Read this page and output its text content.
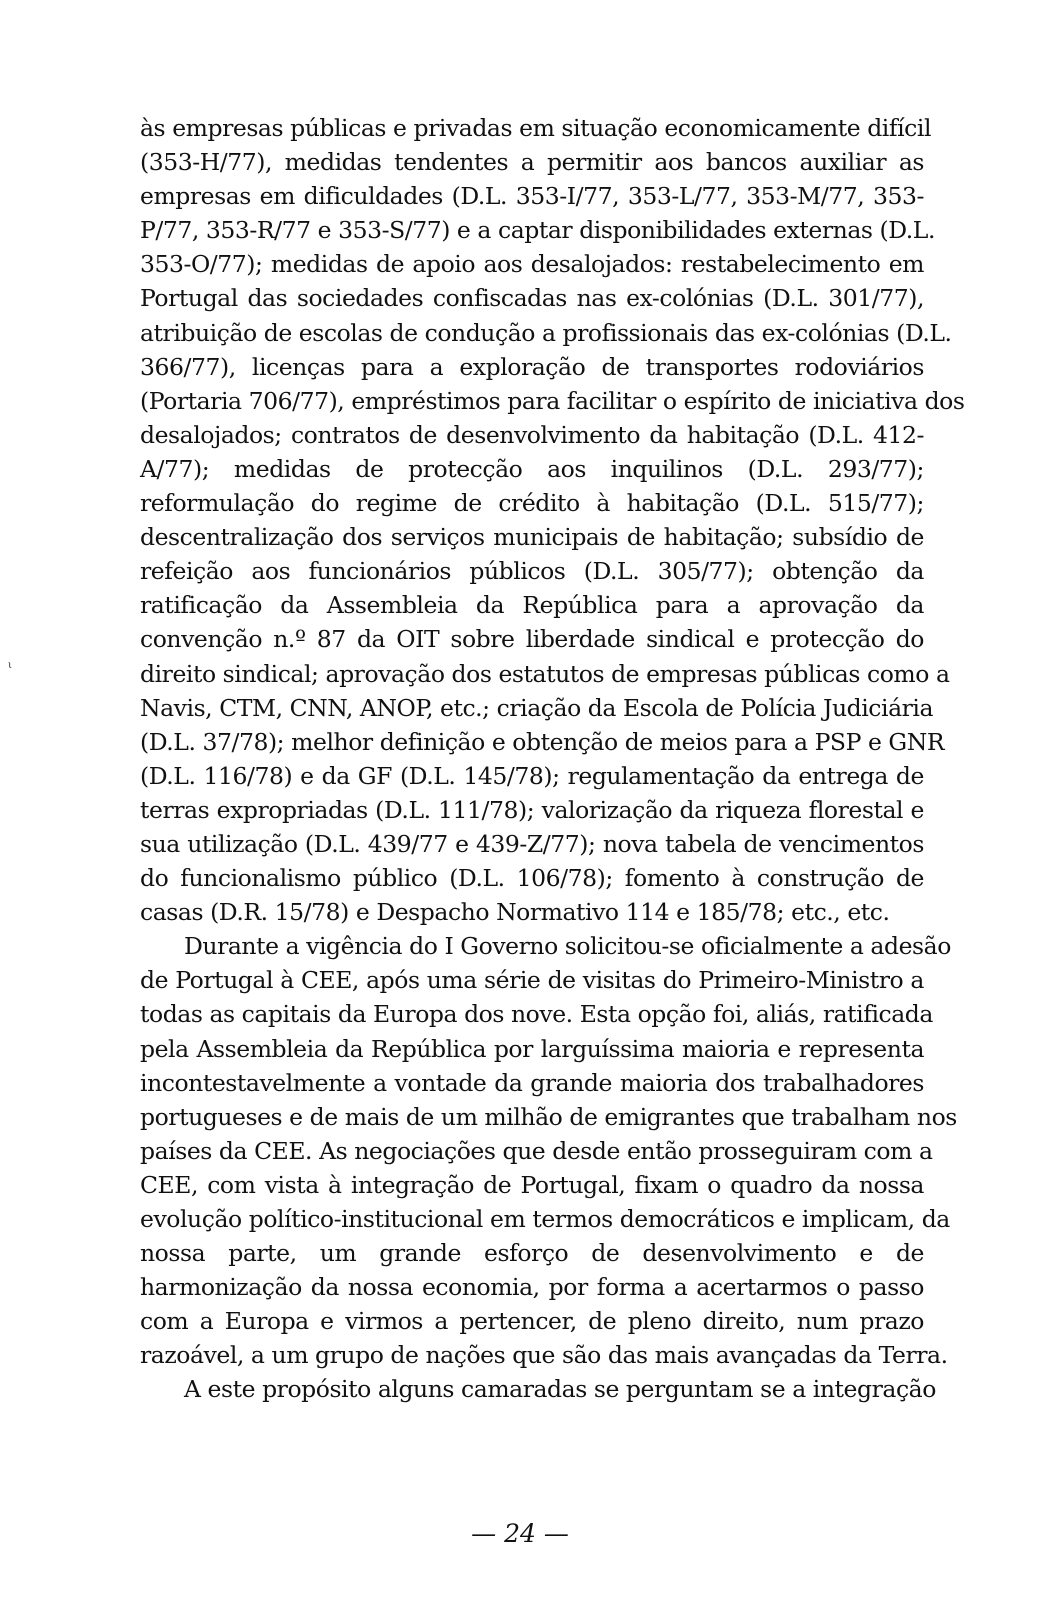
às empresas públicas e privadas em situação economicamente difícil
(353-H/77), medidas tendentes a permitir aos bancos auxiliar as
empresas em dificuldades (D.L. 353-I/77, 353-L/77, 353-M/77, 353-
P/77, 353-R/77 e 353-S/77) e a captar disponibilidades externas (D.L.
353-O/77); medidas de apoio aos desalojados: restabelecimento em
Portugal das sociedades confiscadas nas ex-colónias (D.L. 301/77),
atribuição de escolas de condução a profissionais das ex-colónias (D.L.
366/77), licenças para a exploração de transportes rodoviários
(Portaria 706/77), empréstimos para facilitar o espírito de iniciativa dos
desalojados; contratos de desenvolvimento da habitação (D.L. 412-
A/77); medidas de protecção aos inquilinos (D.L. 293/77);
reformulação do regime de crédito à habitação (D.L. 515/77);
descentralização dos serviços municipais de habitação; subsídio de
refeição aos funcionários públicos (D.L. 305/77); obtenção da
ratificação da Assembleia da República para a aprovação da
convenção n.º 87 da OIT sobre liberdade sindical e protecção do
direito sindical; aprovação dos estatutos de empresas públicas como a
Navis, CTM, CNN, ANOP, etc.; criação da Escola de Polícia Judiciária
(D.L. 37/78); melhor definição e obtenção de meios para a PSP e GNR
(D.L. 116/78) e da GF (D.L. 145/78); regulamentação da entrega de
terras expropriadas (D.L. 111/78); valorização da riqueza florestal e
sua utilização (D.L. 439/77 e 439-Z/77); nova tabela de vencimentos
do funcionalismo público (D.L. 106/78); fomento à construção de
casas (D.R. 15/78) e Despacho Normativo 114 e 185/78; etc., etc.
Durante a vigência do I Governo solicitou-se oficialmente a adesão
de Portugal à CEE, após uma série de visitas do Primeiro-Ministro a
todas as capitais da Europa dos nove. Esta opção foi, aliás, ratificada
pela Assembleia da República por larguíssima maioria e representa
incontestavelmente a vontade da grande maioria dos trabalhadores
portugueses e de mais de um milhão de emigrantes que trabalham nos
países da CEE. As negociações que desde então prosseguiram com a
CEE, com vista à integração de Portugal, fixam o quadro da nossa
evolução político-institucional em termos democráticos e implicam, da
nossa parte, um grande esforço de desenvolvimento e de
harmonização da nossa economia, por forma a acertarmos o passo
com a Europa e virmos a pertencer, de pleno direito, num prazo
razoável, a um grupo de nações que são das mais avançadas da Terra.
A este propósito alguns camaradas se perguntam se a integração
— 24 —
ι
